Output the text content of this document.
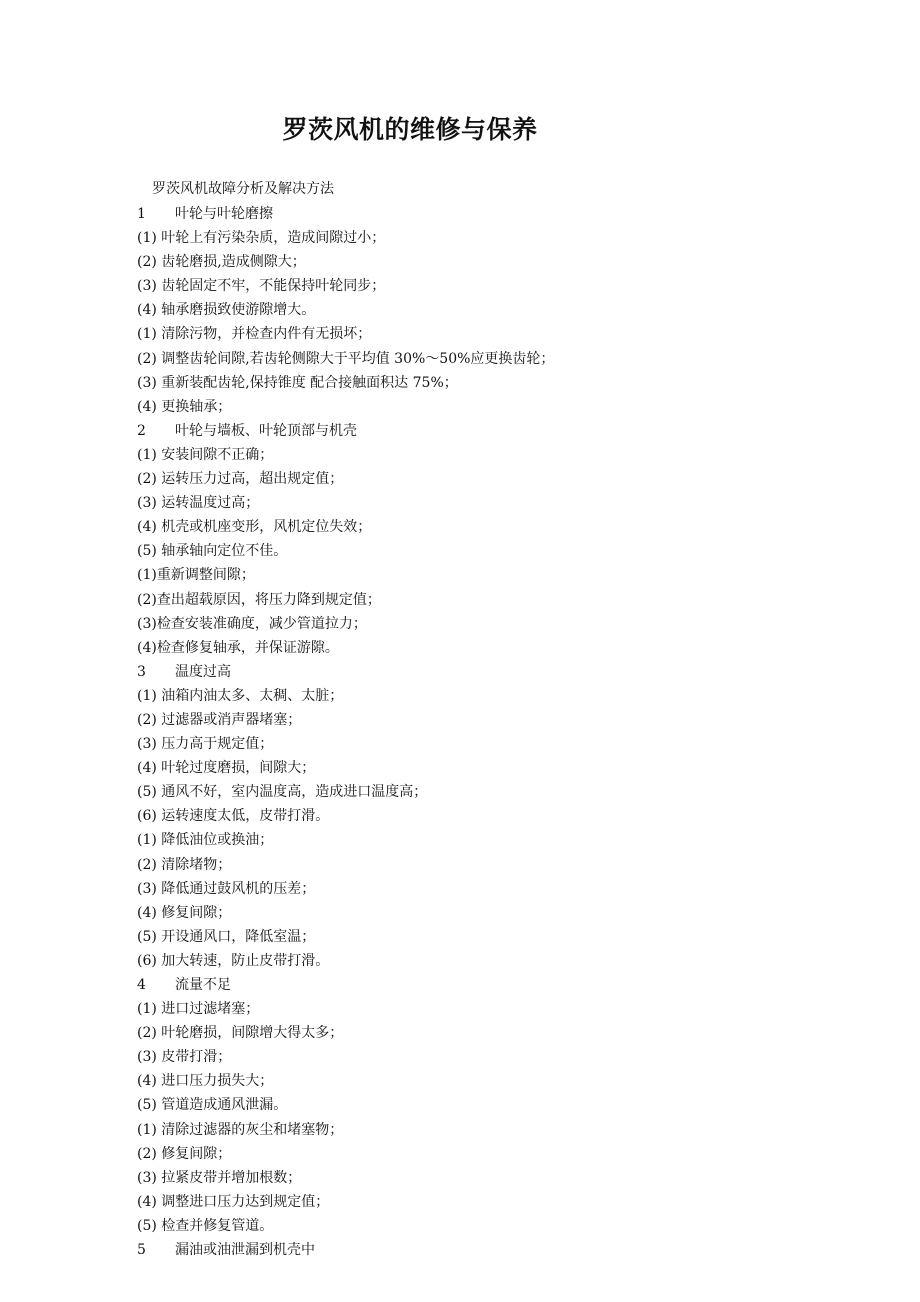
罗茨风机的维修与保养
罗茨风机故障分析及解决方法
1 叶轮与叶轮磨擦
(1) 叶轮上有污染杂质，造成间隙过小；
(2) 齿轮磨损,造成侧隙大；
(3) 齿轮固定不牢，不能保持叶轮同步；
(4) 轴承磨损致使游隙增大。
(1) 清除污物，并检查内件有无损坏；
(2) 调整齿轮间隙,若齿轮侧隙大于平均值 30%～50%应更换齿轮；
(3) 重新装配齿轮,保持锥度 配合接触面积达 75%；
(4) 更换轴承；
2 叶轮与墙板、叶轮顶部与机壳
(1) 安装间隙不正确；
(2) 运转压力过高，超出规定值；
(3) 运转温度过高；
(4) 机壳或机座变形，风机定位失效；
(5) 轴承轴向定位不佳。
(1)重新调整间隙；
(2)查出超载原因，将压力降到规定值；
(3)检查安装准确度，减少管道拉力；
(4)检查修复轴承，并保证游隙。
3 温度过高
(1) 油箱内油太多、太稠、太脏；
(2) 过滤器或消声器堵塞；
(3) 压力高于规定值；
(4) 叶轮过度磨损，间隙大；
(5) 通风不好，室内温度高，造成进口温度高；
(6) 运转速度太低，皮带打滑。
(1) 降低油位或换油；
(2) 清除堵物；
(3) 降低通过鼓风机的压差；
(4) 修复间隙；
(5) 开设通风口，降低室温；
(6) 加大转速，防止皮带打滑。
4 流量不足
(1) 进口过滤堵塞；
(2) 叶轮磨损，间隙增大得太多；
(3) 皮带打滑；
(4) 进口压力损失大；
(5) 管道造成通风泄漏。
(1) 清除过滤器的灰尘和堵塞物；
(2) 修复间隙；
(3) 拉紧皮带并增加根数；
(4) 调整进口压力达到规定值；
(5) 检查并修复管道。
5 漏油或油泄漏到机壳中
